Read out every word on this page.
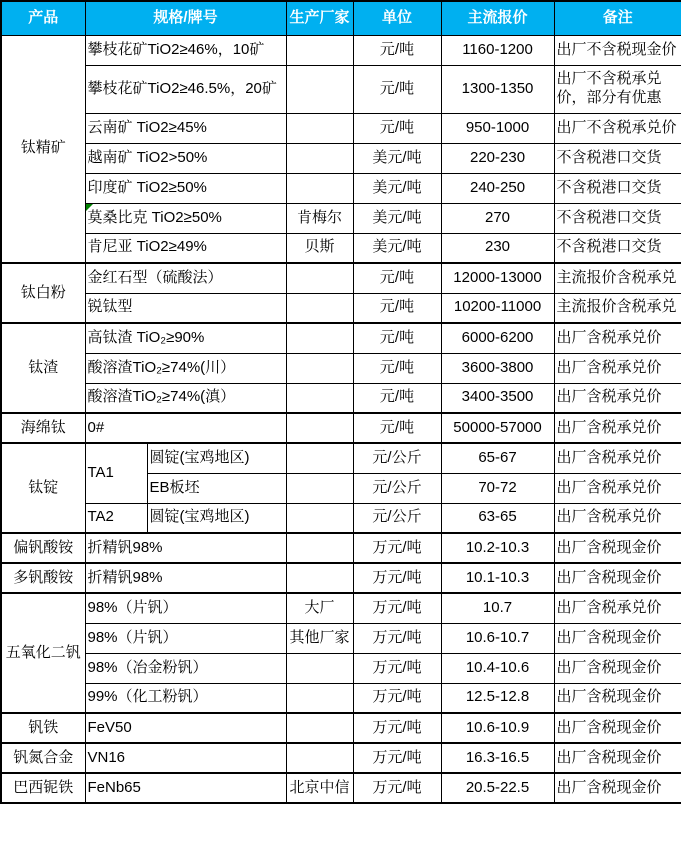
产品	规格/牌号		生产厂家	单位	主流报价	备注
钛精矿	攀枝花矿TiO2≥46%，10矿			元/吨	1160-1200	出厂不含税现金价
	攀枝花矿TiO2≥46.5%，20矿			元/吨	1300-1350	出厂不含税承兑价，部分有优惠
	云南矿 TiO2≥45%			元/吨	950-1000	出厂不含税承兑价
	越南矿 TiO2>50%			美元/吨	220-230	不含税港口交货
	印度矿 TiO2≥50%			美元/吨	240-250	不含税港口交货
	莫桑比克 TiO2≥50%		肯梅尔	美元/吨	270	不含税港口交货
	肯尼亚 TiO2≥49%		贝斯	美元/吨	230	不含税港口交货
钛白粉	金红石型（硫酸法）			元/吨	12000-13000	主流报价含税承兑
	锐钛型			元/吨	10200-11000	主流报价含税承兑
钛渣	高钛渣 TiO₂≥90%			元/吨	6000-6200	出厂含税承兑价
	酸溶渣TiO₂≥74%(川）			元/吨	3600-3800	出厂含税承兑价
	酸溶渣TiO₂≥74%(滇）			元/吨	3400-3500	出厂含税承兑价
海绵钛	0#			元/吨	50000-57000	出厂含税承兑价
钛锭	TA1	圆锭(宝鸡地区)		元/公斤	65-67	出厂含税承兑价
		EB板坯		元/公斤	70-72	出厂含税承兑价
	TA2	圆锭(宝鸡地区)		元/公斤	63-65	出厂含税承兑价
偏钒酸铵	折精钒98%			万元/吨	10.2-10.3	出厂含税现金价
多钒酸铵	折精钒98%			万元/吨	10.1-10.3	出厂含税现金价
五氧化二钒	98%（片钒）		大厂	万元/吨	10.7	出厂含税承兑价
	98%（片钒）		其他厂家	万元/吨	10.6-10.7	出厂含税现金价
	98%（冶金粉钒）			万元/吨	10.4-10.6	出厂含税现金价
	99%（化工粉钒）			万元/吨	12.5-12.8	出厂含税现金价
钒铁	FeV50			万元/吨	10.6-10.9	出厂含税现金价
钒氮合金	VN16			万元/吨	16.3-16.5	出厂含税现金价
巴西铌铁	FeNb65		北京中信	万元/吨	20.5-22.5	出厂含税现金价
